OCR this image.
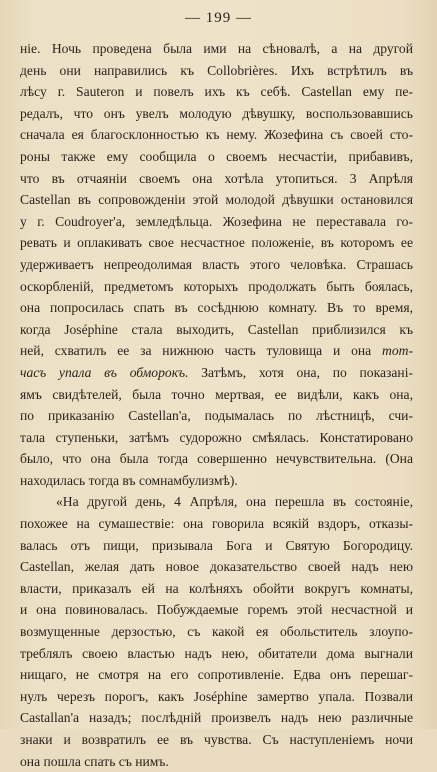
— 199 —
ніе. Ночь проведена была ими на сѣновалѣ, а на другой
день они направились къ Collobrières. Ихъ встрѣтилъ въ
лѣсу г. Sauteron и повелъ ихъ къ себѣ. Castellan ему пе-
редалъ, что онъ увелъ молодую дѣвушку, воспользовавшись
сначала ея благосклонностью къ нему. Жозефина съ своей сто-
роны также ему сообщила о своемъ несчастіи, прибавивъ,
что въ отчаяніи своемъ она хотѣла утопиться. 3 Апрѣля
Castellan въ сопровожденіи этой молодой дѣвушки остановился
у г. Coudroyer'а, земледѣльца. Жозефина не переставала го-
ревать и оплакивать свое несчастное положеніе, въ которомъ ее
удерживаетъ непреодолимая власть этого человѣка. Страшась
оскорбленій, предметомъ которыхъ продолжать быть боялась,
она попросилась спать въ сосѣднюю комнату. Въ то время,
когда Joséphine стала выходить, Castellan приблизился къ
ней, схватилъ ее за нижнюю часть туловища и она тот-
часъ упала въ обморокъ. Затѣмъ, хотя она, по показані-
ямъ свидѣтелей, была точно мертвая, ее видѣли, какъ она,
по приказанію Castellan'а, подымалась по лѣстницѣ, счи-
тала ступеньки, затѣмъ судорожно смѣялась. Констатировано
было, что она была тогда совершенно нечувствительна. (Она
находилась тогда въ сомнамбулизмѣ).
«На другой день, 4 Апрѣля, она перешла въ состояніе,
похожее на сумашествіе: она говорила всякій вздоръ, отказы-
валась отъ пищи, призывала Бога и Святую Богородицу.
Castellan, желая дать новое доказательство своей надъ нею
власти, приказалъ ей на колѣняхъ обойти вокругъ комнаты,
и она повиновалась. Побуждаемые горемъ этой несчастной и
возмущенные дерзостью, съ какой ея обольститель злоупо-
треблялъ своею властью надъ нею, обитатели дома выгнали
нищаго, не смотря на его сопротивленіе. Едва онъ перешаг-
нулъ черезъ порогъ, какъ Joséphine замертво упала. Позвали
Castallan'а назадъ; послѣдній произвелъ надъ нею различные
знаки и возвратилъ ее въ чувства. Съ наступленіемъ ночи
она пошла спать съ нимъ.
